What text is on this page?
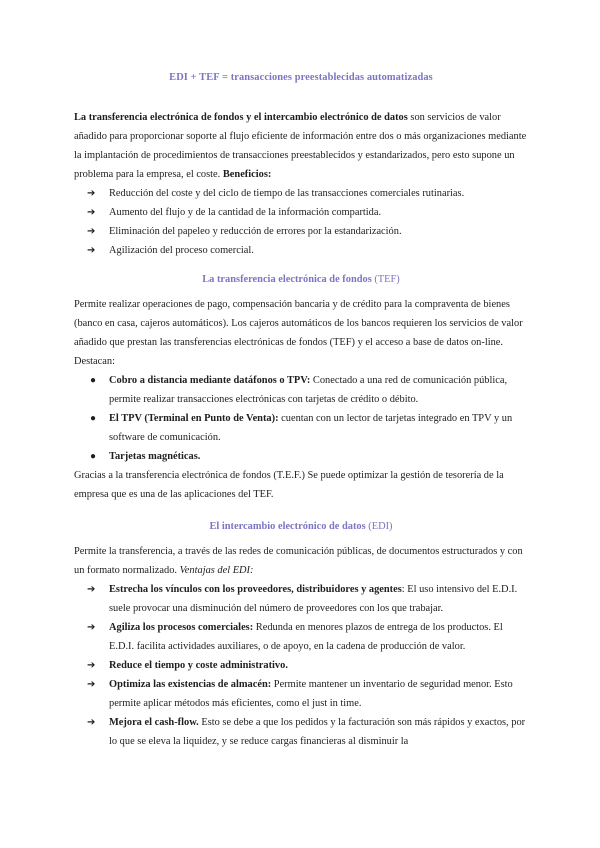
EDI + TEF = transacciones preestablecidas automatizadas

La transferencia electrónica de fondos y el intercambio electrónico de datos son servicios de valor añadido para proporcionar soporte al flujo eficiente de información entre dos o más organizaciones mediante la implantación de procedimientos de transacciones preestablecidos y estandarizados, pero esto supone un problema para la empresa, el coste. Beneficios:

➔ Reducción del coste y del ciclo de tiempo de las transacciones comerciales rutinarias.
➔ Aumento del flujo y de la cantidad de la información compartida.
➔ Eliminación del papeleo y reducción de errores por la estandarización.
➔ Agilización del proceso comercial.

La transferencia electrónica de fondos (TEF)

Permite realizar operaciones de pago, compensación bancaria y de crédito para la compraventa de bienes (banco en casa, cajeros automáticos). Los cajeros automáticos de los bancos requieren los servicios de valor añadido que prestan las transferencias electrónicas de fondos (TEF) y el acceso a base de datos on-line. Destacan:

● Cobro a distancia mediante datáfonos o TPV: Conectado a una red de comunicación pública, permite realizar transacciones electrónicas con tarjetas de crédito o débito.
● El TPV (Terminal en Punto de Venta): cuentan con un lector de tarjetas integrado en TPV y un software de comunicación.
● Tarjetas magnéticas.

Gracias a la transferencia electrónica de fondos (T.E.F.) Se puede optimizar la gestión de tesorería de la empresa que es una de las aplicaciones del TEF.

El intercambio electrónico de datos (EDI)

Permite la transferencia, a través de las redes de comunicación públicas, de documentos estructurados y con un formato normalizado. Ventajas del EDI:

➔ Estrecha los vínculos con los proveedores, distribuidores y agentes: El uso intensivo del E.D.I. suele provocar una disminución del número de proveedores con los que trabajar.
➔ Agiliza los procesos comerciales: Redunda en menores plazos de entrega de los productos. El E.D.I. facilita actividades auxiliares, o de apoyo, en la cadena de producción de valor.
➔ Reduce el tiempo y coste administrativo.
➔ Optimiza las existencias de almacén: Permite mantener un inventario de seguridad menor. Esto permite aplicar métodos más eficientes, como el just in time.
➔ Mejora el cash-flow. Esto se debe a que los pedidos y la facturación son más rápidos y exactos, por lo que se eleva la liquidez, y se reduce cargas financieras al disminuir la
